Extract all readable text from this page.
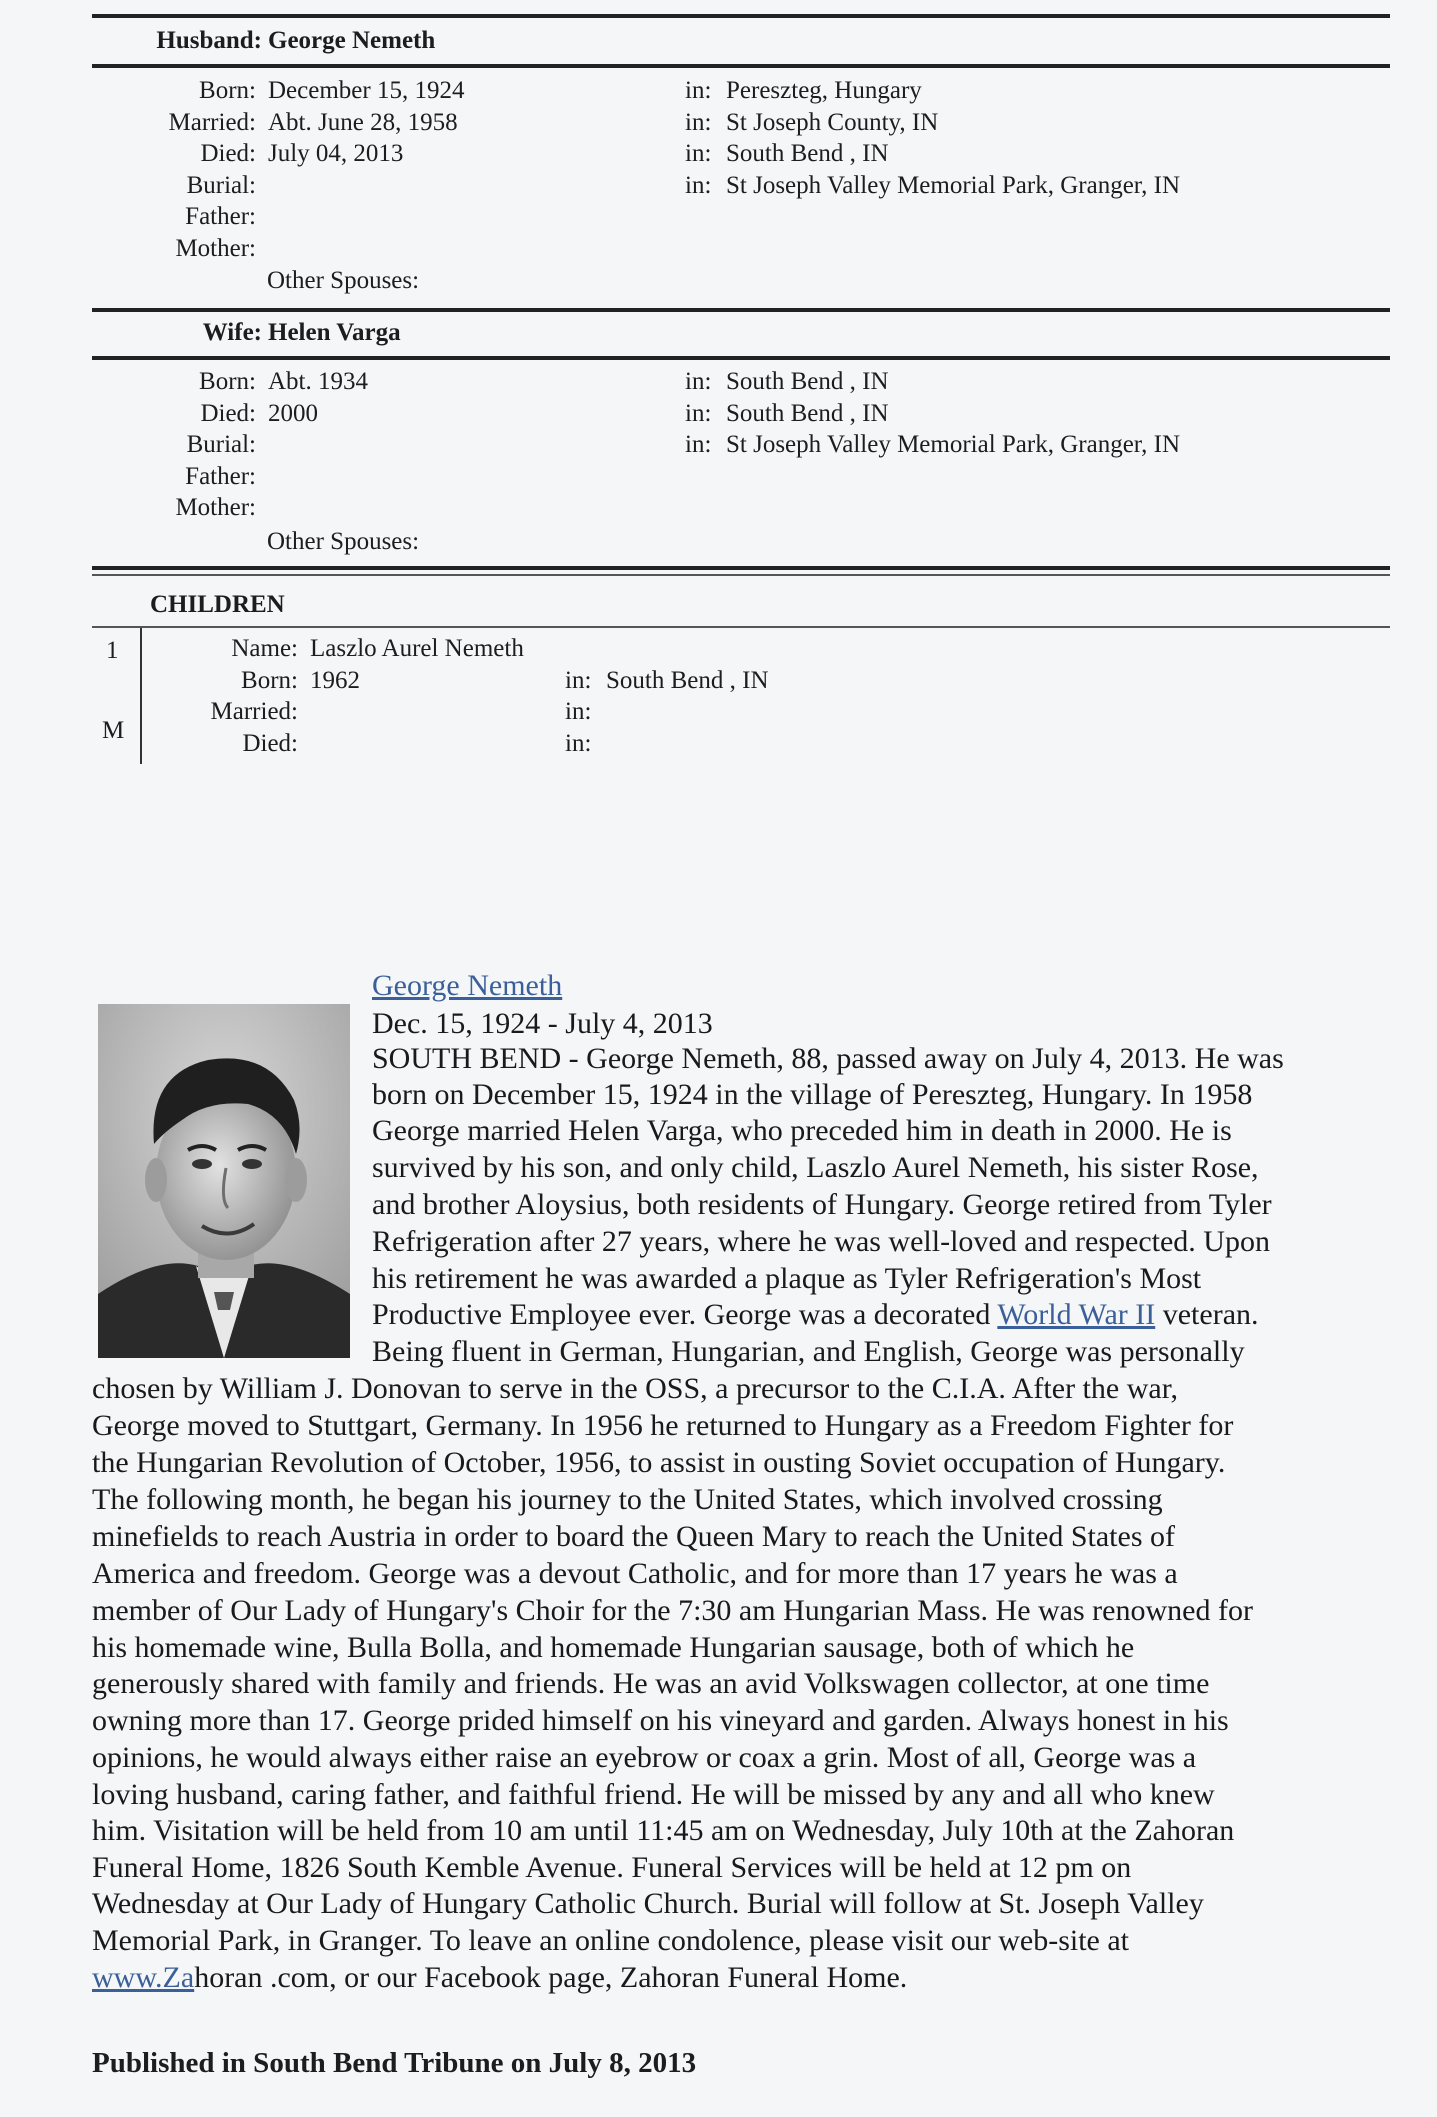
Husband: George Nemeth
Born: December 15, 1924	in: Pereszteg, Hungary
Married: Abt. June 28, 1958	in: St Joseph County, IN
Died: July 04, 2013	in: South Bend , IN
Burial:	in: St Joseph Valley Memorial Park, Granger, IN
Father:
Mother:
Other Spouses:
Wife: Helen Varga
Born: Abt. 1934	in: South Bend , IN
Died: 2000	in: South Bend , IN
Burial:	in: St Joseph Valley Memorial Park, Granger, IN
Father:
Mother:
Other Spouses:
CHILDREN
1
M
Name: Laszlo Aurel Nemeth
Born: 1962	in: South Bend , IN
Married:	in:
Died:	in:
George Nemeth
Dec. 15, 1924 - July 4, 2013
SOUTH BEND - George Nemeth, 88, passed away on July 4, 2013. He was
born on December 15, 1924 in the village of Pereszteg, Hungary. In 1958
George married Helen Varga, who preceded him in death in 2000. He is
survived by his son, and only child, Laszlo Aurel Nemeth, his sister Rose,
and brother Aloysius, both residents of Hungary. George retired from Tyler
Refrigeration after 27 years, where he was well-loved and respected. Upon
his retirement he was awarded a plaque as Tyler Refrigeration's Most
Productive Employee ever. George was a decorated World War II veteran.
Being fluent in German, Hungarian, and English, George was personally
chosen by William J. Donovan to serve in the OSS, a precursor to the C.I.A. After the war,
George moved to Stuttgart, Germany. In 1956 he returned to Hungary as a Freedom Fighter for
the Hungarian Revolution of October, 1956, to assist in ousting Soviet occupation of Hungary.
The following month, he began his journey to the United States, which involved crossing
minefields to reach Austria in order to board the Queen Mary to reach the United States of
America and freedom. George was a devout Catholic, and for more than 17 years he was a
member of Our Lady of Hungary's Choir for the 7:30 am Hungarian Mass. He was renowned for
his homemade wine, Bulla Bolla, and homemade Hungarian sausage, both of which he
generously shared with family and friends. He was an avid Volkswagen collector, at one time
owning more than 17. George prided himself on his vineyard and garden. Always honest in his
opinions, he would always either raise an eyebrow or coax a grin. Most of all, George was a
loving husband, caring father, and faithful friend. He will be missed by any and all who knew
him. Visitation will be held from 10 am until 11:45 am on Wednesday, July 10th at the Zahoran
Funeral Home, 1826 South Kemble Avenue. Funeral Services will be held at 12 pm on
Wednesday at Our Lady of Hungary Catholic Church. Burial will follow at St. Joseph Valley
Memorial Park, in Granger. To leave an online condolence, please visit our web-site at
www.Zahoran .com, or our Facebook page, Zahoran Funeral Home.
Published in South Bend Tribune on July 8, 2013
